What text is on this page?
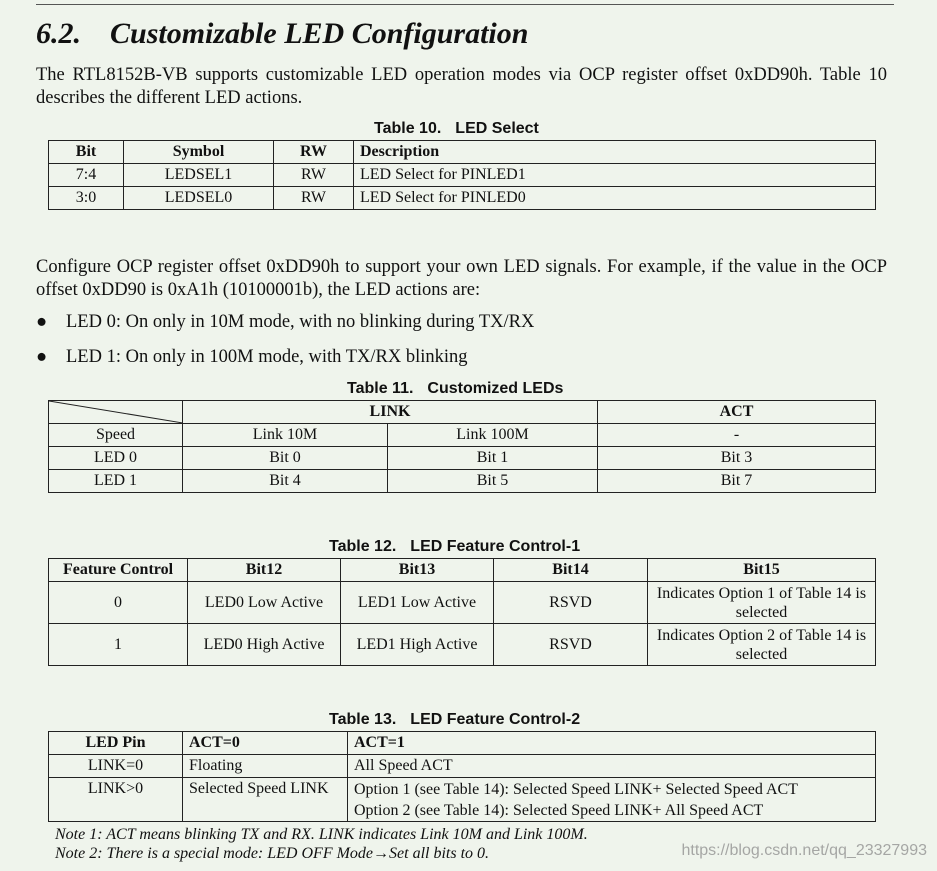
6.2. Customizable LED Configuration
The RTL8152B-VB supports customizable LED operation modes via OCP register offset 0xDD90h. Table 10 describes the different LED actions.
Table 10. LED Select
Bit	Symbol	RW	Description
7:4	LEDSEL1	RW	LED Select for PINLED1
3:0	LEDSEL0	RW	LED Select for PINLED0
Configure OCP register offset 0xDD90h to support your own LED signals. For example, if the value in the OCP offset 0xDD90 is 0xA1h (10100001b), the LED actions are:
● LED 0: On only in 10M mode, with no blinking during TX/RX
● LED 1: On only in 100M mode, with TX/RX blinking
Table 11. Customized LEDs
	LINK		ACT
Speed	Link 10M	Link 100M	-
LED 0	Bit 0	Bit 1	Bit 3
LED 1	Bit 4	Bit 5	Bit 7
Table 12. LED Feature Control-1
Feature Control	Bit12	Bit13	Bit14	Bit15
0	LED0 Low Active	LED1 Low Active	RSVD	Indicates Option 1 of Table 14 is selected
1	LED0 High Active	LED1 High Active	RSVD	Indicates Option 2 of Table 14 is selected
Table 13. LED Feature Control-2
LED Pin	ACT=0	ACT=1
LINK=0	Floating	All Speed ACT
LINK>0	Selected Speed LINK	Option 1 (see Table 14): Selected Speed LINK+ Selected Speed ACT
Option 2 (see Table 14): Selected Speed LINK+ All Speed ACT
Note 1: ACT means blinking TX and RX. LINK indicates Link 10M and Link 100M.
Note 2: There is a special mode: LED OFF Mode→Set all bits to 0.	https://blog.csdn.net/qq_23327993
